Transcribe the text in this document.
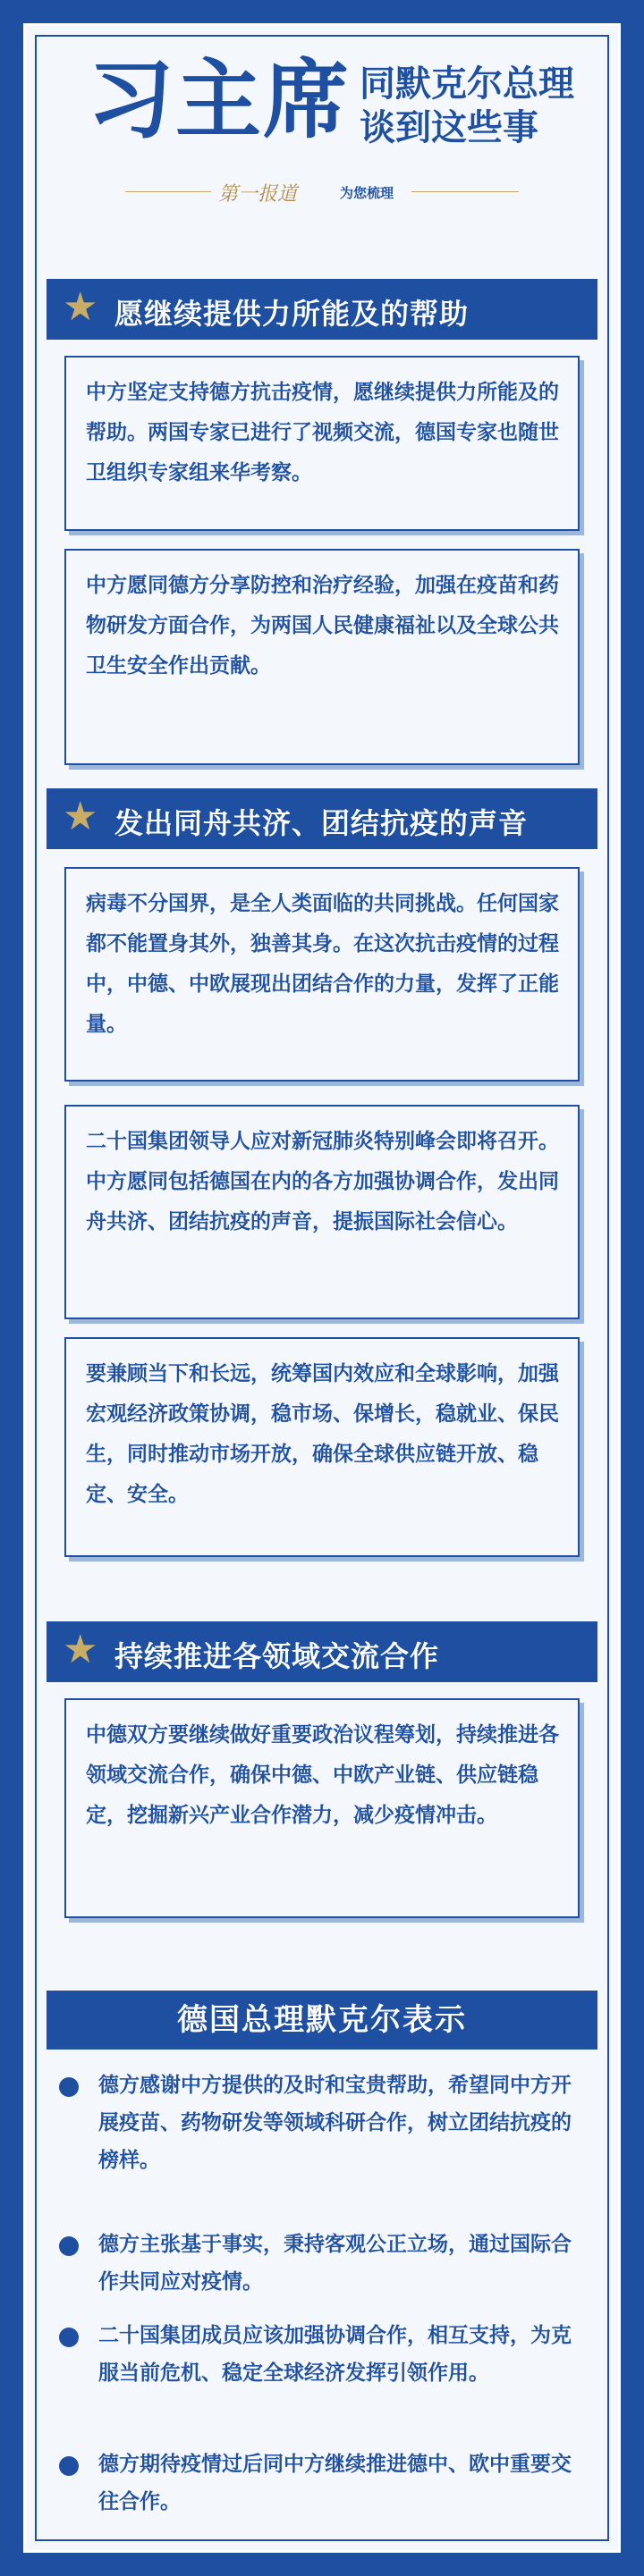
习主席 同默克尔总理
谈到这些事
第一报道	为您梳理
★ 愿继续提供力所能及的帮助
中方坚定支持德方抗击疫情，愿继续提供力所能及的帮助。两国专家已进行了视频交流，德国专家也随世卫组织专家组来华考察。
中方愿同德方分享防控和治疗经验，加强在疫苗和药物研发方面合作，为两国人民健康福祉以及全球公共卫生安全作出贡献。
★ 发出同舟共济、团结抗疫的声音
病毒不分国界，是全人类面临的共同挑战。任何国家都不能置身其外，独善其身。在这次抗击疫情的过程中，中德、中欧展现出团结合作的力量，发挥了正能量。
二十国集团领导人应对新冠肺炎特别峰会即将召开。中方愿同包括德国在内的各方加强协调合作，发出同舟共济、团结抗疫的声音，提振国际社会信心。
要兼顾当下和长远，统筹国内效应和全球影响，加强宏观经济政策协调，稳市场、保增长，稳就业、保民生，同时推动市场开放，确保全球供应链开放、稳定、安全。
★ 持续推进各领域交流合作
中德双方要继续做好重要政治议程筹划，持续推进各领域交流合作，确保中德、中欧产业链、供应链稳定，挖掘新兴产业合作潜力，减少疫情冲击。
德国总理默克尔表示
德方感谢中方提供的及时和宝贵帮助，希望同中方开展疫苗、药物研发等领域科研合作，树立团结抗疫的榜样。
德方主张基于事实，秉持客观公正立场，通过国际合作共同应对疫情。
二十国集团成员应该加强协调合作，相互支持，为克服当前危机、稳定全球经济发挥引领作用。
德方期待疫情过后同中方继续推进德中、欧中重要交往合作。
